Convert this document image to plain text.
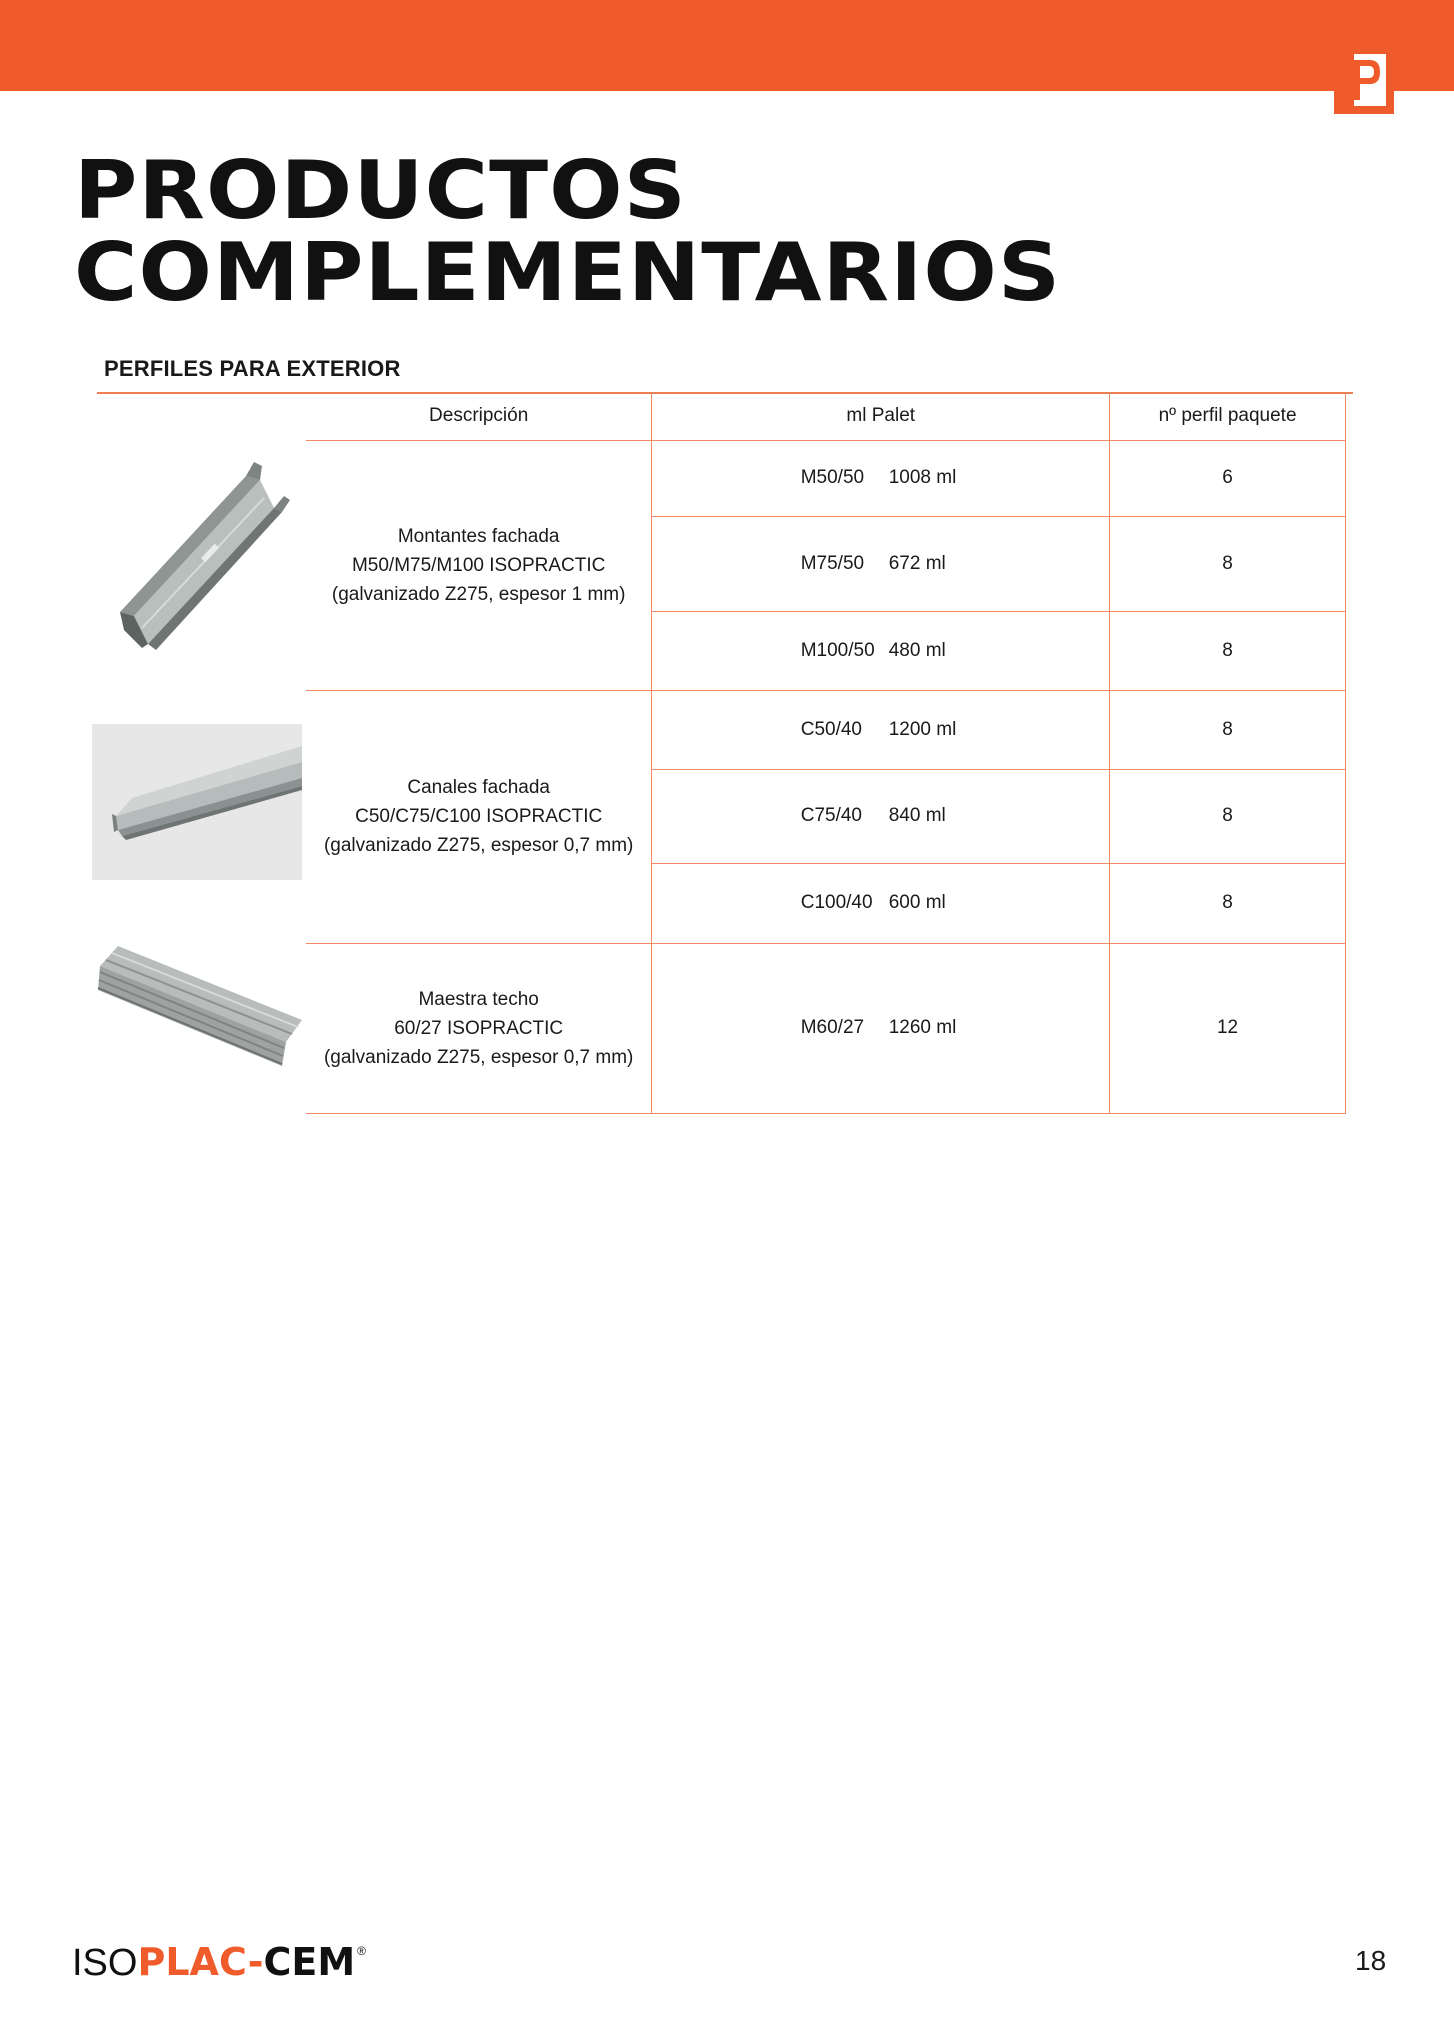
PRODUCTOS
COMPLEMENTARIOS
PERFILES PARA EXTERIOR
Descripción	ml Palet	nº perfil paquete

Montantes fachada
M50/M75/M100 ISOPRACTIC
(galvanizado Z275, espesor 1 mm)	M50/50 1008 ml	6
	M75/50 672 ml	8
	M100/50 480 ml	8

Canales fachada
C50/C75/C100 ISOPRACTIC
(galvanizado Z275, espesor 0,7 mm)	C50/40 1200 ml	8
	C75/40 840 ml	8
	C100/40 600 ml	8

Maestra techo
60/27 ISOPRACTIC
(galvanizado Z275, espesor 0,7 mm)	M60/27 1260 ml	12
ISOPLAC-CEM ®	18
